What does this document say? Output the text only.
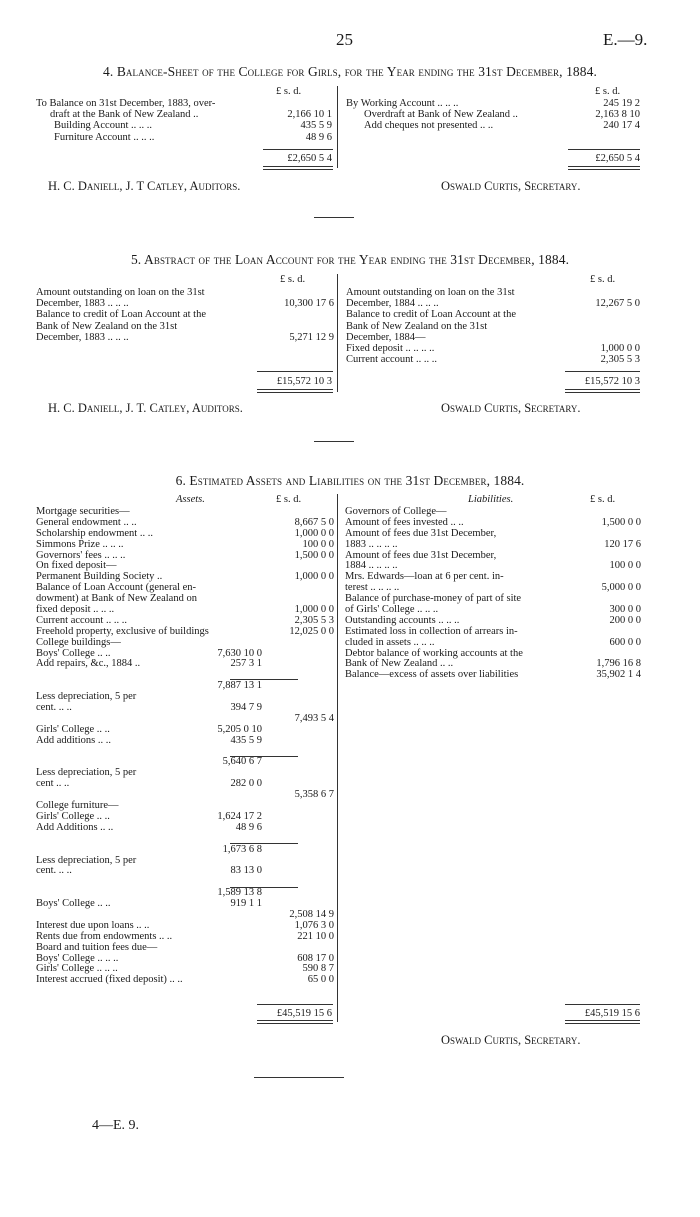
25	E.—9.
4. Balance-Sheet of the College for Girls, for the Year ending the 31st December, 1884.
£ s. d.	£ s. d.
To Balance on 31st December, 1883, over-
draft at the Bank of New Zealand ..	2,166 10 1
Building Account .. .. ..	435 5 9
Furniture Account .. .. ..	48 9 6
By Working Account .. .. ..	245 19 2
Overdraft at Bank of New Zealand ..	2,163 8 10
Add cheques not presented .. ..	240 17 4
£2,650 5 4	£2,650 5 4
H. C. Daniell, J. T Catley, Auditors.	Oswald Curtis, Secretary.
5. Abstract of the Loan Account for the Year ending the 31st December, 1884.
£ s. d.	£ s. d.
Amount outstanding on loan on the 31st
December, 1883 .. .. ..	10,300 17 6
Balance to credit of Loan Account at the
Bank of New Zealand on the 31st
December, 1883 .. .. ..	5,271 12 9
Amount outstanding on loan on the 31st
December, 1884 .. .. ..	12,267 5 0
Balance to credit of Loan Account at the
Bank of New Zealand on the 31st
December, 1884—
Fixed deposit .. .. .. ..	1,000 0 0
Current account .. .. ..	2,305 5 3
£15,572 10 3	£15,572 10 3
H. C. Daniell, J. T. Catley, Auditors.	Oswald Curtis, Secretary.
6. Estimated Assets and Liabilities on the 31st December, 1884.
Assets.	£ s. d.	Liabilities.	£ s. d.
Mortgage securities—
General endowment .. ..	8,667 5 0
Scholarship endowment .. ..	1,000 0 0
Simmons Prize .. .. ..	100 0 0
Governors' fees .. .. ..	1,500 0 0
On fixed deposit—
Permanent Building Society ..	1,000 0 0
Balance of Loan Account (general en-
dowment) at Bank of New Zealand on
fixed deposit .. .. ..	1,000 0 0
Current account .. .. ..	2,305 5 3
Freehold property, exclusive of buildings	12,025 0 0
College buildings—
Boys' College .. ..	7,630 10 0
Add repairs, &c., 1884 ..	257 3 1
7,887 13 1
Less depreciation, 5 per
cent. .. ..	394 7 9
7,493 5 4
Girls' College .. ..	5,205 0 10
Add additions .. ..	435 5 9
5,640 6 7
Less depreciation, 5 per
cent .. ..	282 0 0
5,358 6 7
College furniture—
Girls' College .. ..	1,624 17 2
Add Additions .. ..	48 9 6
1,673 6 8
Less depreciation, 5 per
cent. .. ..	83 13 0
1,589 13 8
Boys' College .. ..	919 1 1
2,508 14 9
Interest due upon loans .. ..	1,076 3 0
Rents due from endowments .. ..	221 10 0
Board and tuition fees due—
Boys' College .. .. ..	608 17 0
Girls' College .. .. ..	590 8 7
Interest accrued (fixed deposit) .. ..	65 0 0
Governors of College—
Amount of fees invested .. ..	1,500 0 0
Amount of fees due 31st December,
1883 .. .. .. ..	120 17 6
Amount of fees due 31st December,
1884 .. .. .. ..	100 0 0
Mrs. Edwards—loan at 6 per cent. in-
terest .. .. .. ..	5,000 0 0
Balance of purchase-money of part of site
of Girls' College .. .. ..	300 0 0
Outstanding accounts .. .. ..	200 0 0
Estimated loss in collection of arrears in-
cluded in assets .. .. ..	600 0 0
Debtor balance of working accounts at the
Bank of New Zealand .. ..	1,796 16 8
Balance—excess of assets over liabilities	35,902 1 4
£45,519 15 6	£45,519 15 6
Oswald Curtis, Secretary.
4—E. 9.
